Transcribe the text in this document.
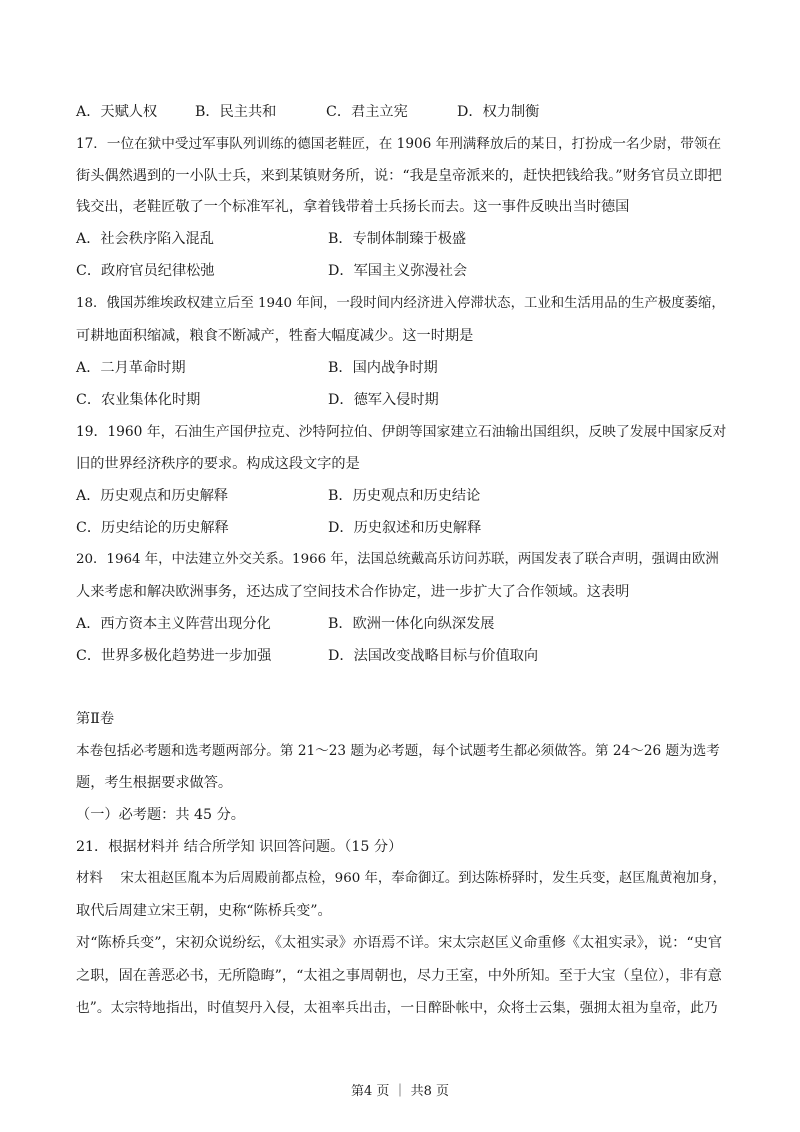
A．天赋人权	B．民主共和	C．君主立宪	D．权力制衡
17．一位在狱中受过军事队列训练的德国老鞋匠，在 1906 年刑满释放后的某日，打扮成一名少尉，带领在
街头偶然遇到的一小队士兵，来到某镇财务所，说：“我是皇帝派来的，赶快把钱给我。”财务官员立即把
钱交出，老鞋匠敬了一个标准军礼，拿着钱带着士兵扬长而去。这一事件反映出当时德国
A．社会秩序陷入混乱	B．专制体制臻于极盛
C．政府官员纪律松弛	D．军国主义弥漫社会
18．俄国苏维埃政权建立后至 1940 年间，一段时间内经济进入停滞状态，工业和生活用品的生产极度萎缩，
可耕地面积缩减，粮食不断减产，牲畜大幅度减少。这一时期是
A．二月革命时期	B．国内战争时期
C．农业集体化时期	D．德军入侵时期
19．1960 年，石油生产国伊拉克、沙特阿拉伯、伊朗等国家建立石油输出国组织，反映了发展中国家反对
旧的世界经济秩序的要求。构成这段文字的是
A．历史观点和历史解释	B．历史观点和历史结论
C．历史结论的历史解释	D．历史叙述和历史解释
20．1964 年，中法建立外交关系。1966 年，法国总统戴高乐访问苏联，两国发表了联合声明，强调由欧洲
人来考虑和解决欧洲事务，还达成了空间技术合作协定，进一步扩大了合作领域。这表明
A．西方资本主义阵营出现分化	B．欧洲一体化向纵深发展
C．世界多极化趋势进一步加强	D．法国改变战略目标与价值取向
第Ⅱ卷
本卷包括必考题和选考题两部分。第 21～23 题为必考题，每个试题考生都必须做答。第 24～26 题为选考
题，考生根据要求做答。
（一）必考题：共 45 分。
21．根据材料并 结合所学知 识回答问题。（15 分）
材料　 宋太祖赵匡胤本为后周殿前都点检，960 年，奉命御辽。到达陈桥驿时，发生兵变，赵匡胤黄袍加身，
取代后周建立宋王朝，史称“陈桥兵变”。
对“陈桥兵变”，宋初众说纷纭，《太祖实录》亦语焉不详。宋太宗赵匡义命重修《太祖实录》，说：“史官
之职，固在善恶必书，无所隐晦”，“太祖之事周朝也，尽力王室，中外所知。至于大宝（皇位），非有意
也”。太宗特地指出，时值契丹入侵，太祖率兵出击，一日醉卧帐中，众将士云集，强拥太祖为皇帝，此乃
第4 页 ｜ 共8 页
